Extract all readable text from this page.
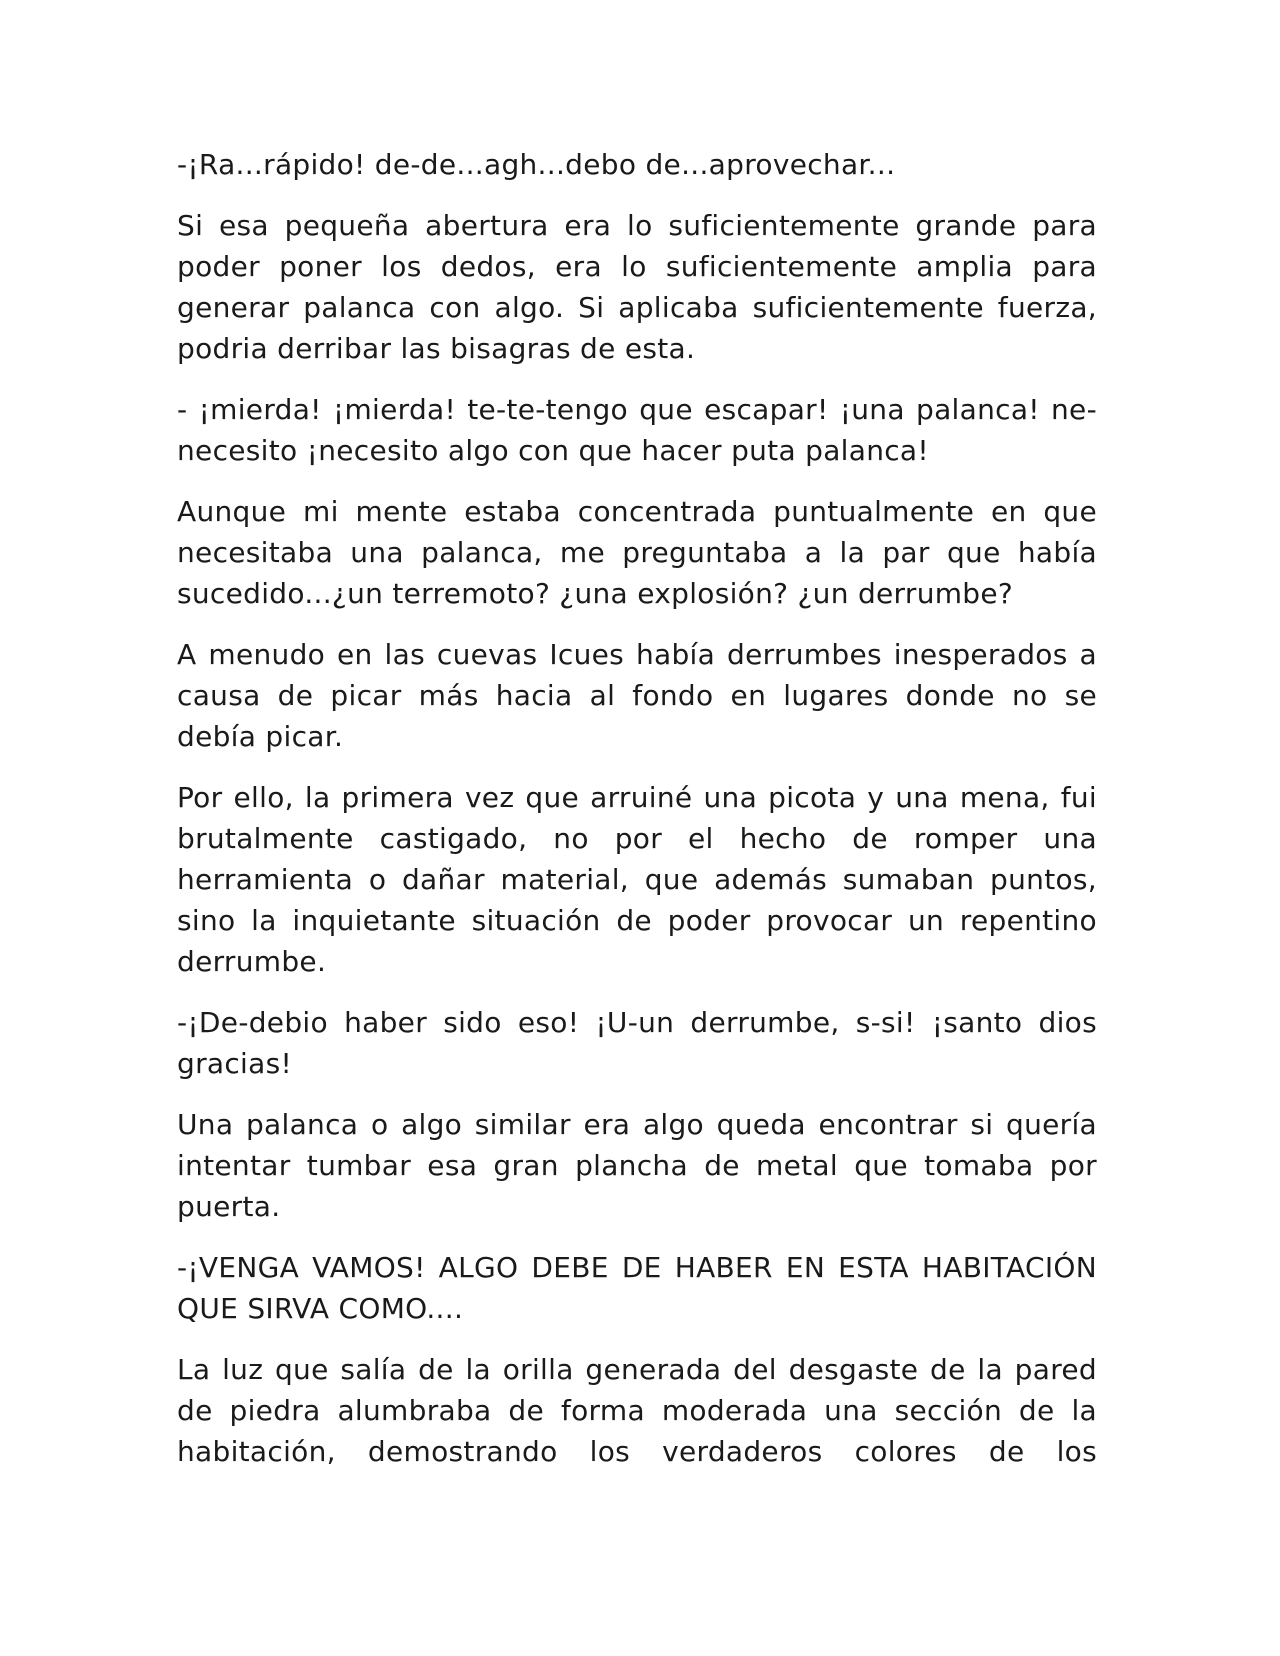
-¡Ra...rápido! de-de...agh...debo de...aprovechar...

Si esa pequeña abertura era lo suficientemente grande para poder poner los dedos, era lo suficientemente amplia para generar palanca con algo. Si aplicaba suficientemente fuerza, podria derribar las bisagras de esta.

- ¡mierda! ¡mierda! te-te-tengo que escapar! ¡una palanca! ne-necesito ¡necesito algo con que hacer puta palanca!

Aunque mi mente estaba concentrada puntualmente en que necesitaba una palanca, me preguntaba a la par que había sucedido...¿un terremoto? ¿una explosión? ¿un derrumbe?

A menudo en las cuevas Icues había derrumbes inesperados a causa de picar más hacia al fondo en lugares donde no se debía picar.

Por ello, la primera vez que arruiné una picota y una mena, fui brutalmente castigado, no por el hecho de romper una herramienta o dañar material, que además sumaban puntos, sino la inquietante situación de poder provocar un repentino derrumbe.

-¡De-debio haber sido eso! ¡U-un derrumbe, s-si! ¡santo dios gracias!

Una palanca o algo similar era algo queda encontrar si quería intentar tumbar esa gran plancha de metal que tomaba por puerta.

-¡VENGA VAMOS! ALGO DEBE DE HABER EN ESTA HABITACIÓN QUE SIRVA COMO....

La luz que salía de la orilla generada del desgaste de la pared de piedra alumbraba de forma moderada una sección de la habitación, demostrando los verdaderos colores de los
